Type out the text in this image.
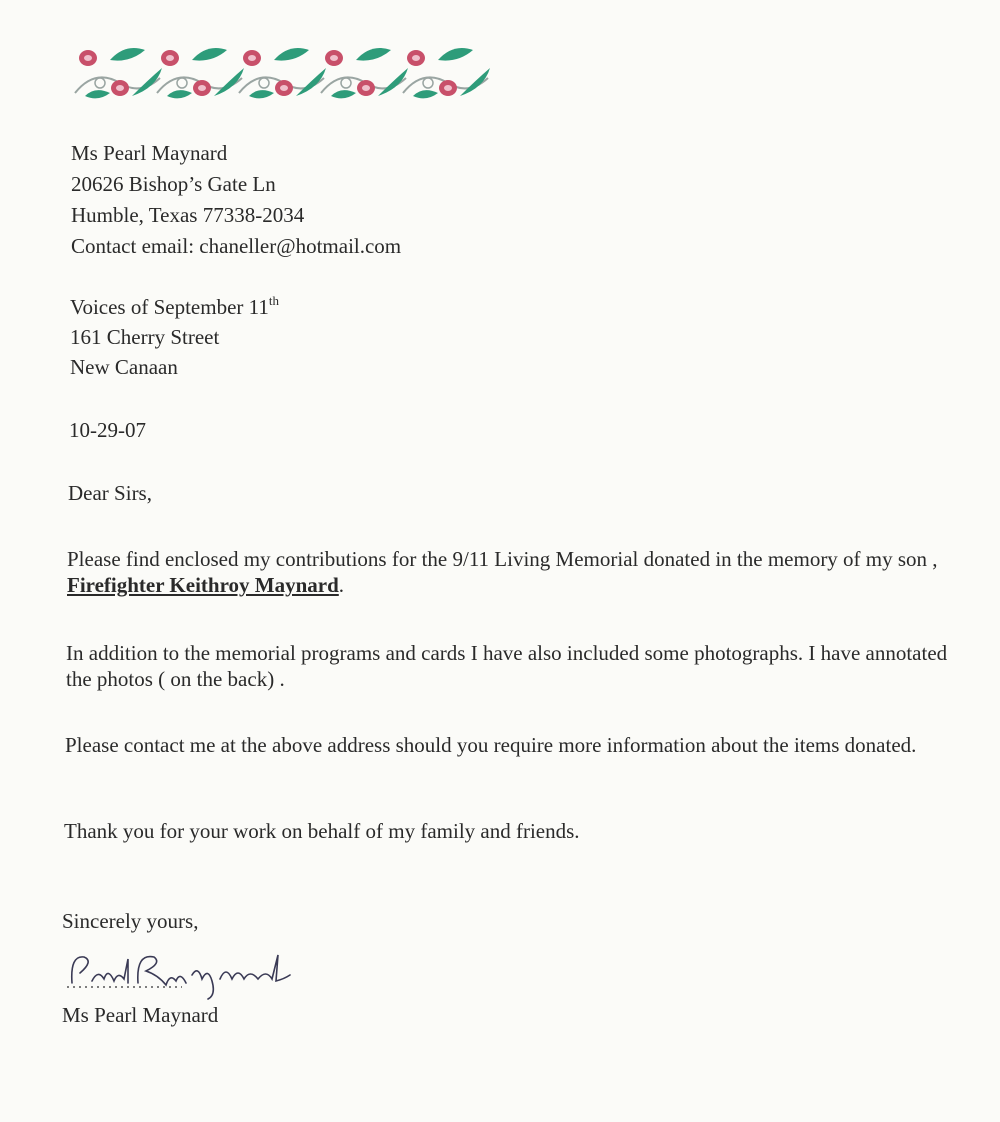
Ms Pearl Maynard
20626 Bishop’s Gate Ln
Humble, Texas 77338-2034
Contact email: chaneller@hotmail.com
Voices of September 11th
161 Cherry Street
New Canaan
10-29-07
Dear Sirs,
Please find enclosed my contributions for the 9/11 Living Memorial donated in the memory of my son , Firefighter Keithroy Maynard.
In addition to the memorial programs and cards I have also included some photographs. I have annotated the photos ( on the back) .
Please contact me at the above address should you require more information about the items donated.
Thank you for your work on behalf of my family and friends.
Sincerely yours,
Ms Pearl Maynard
